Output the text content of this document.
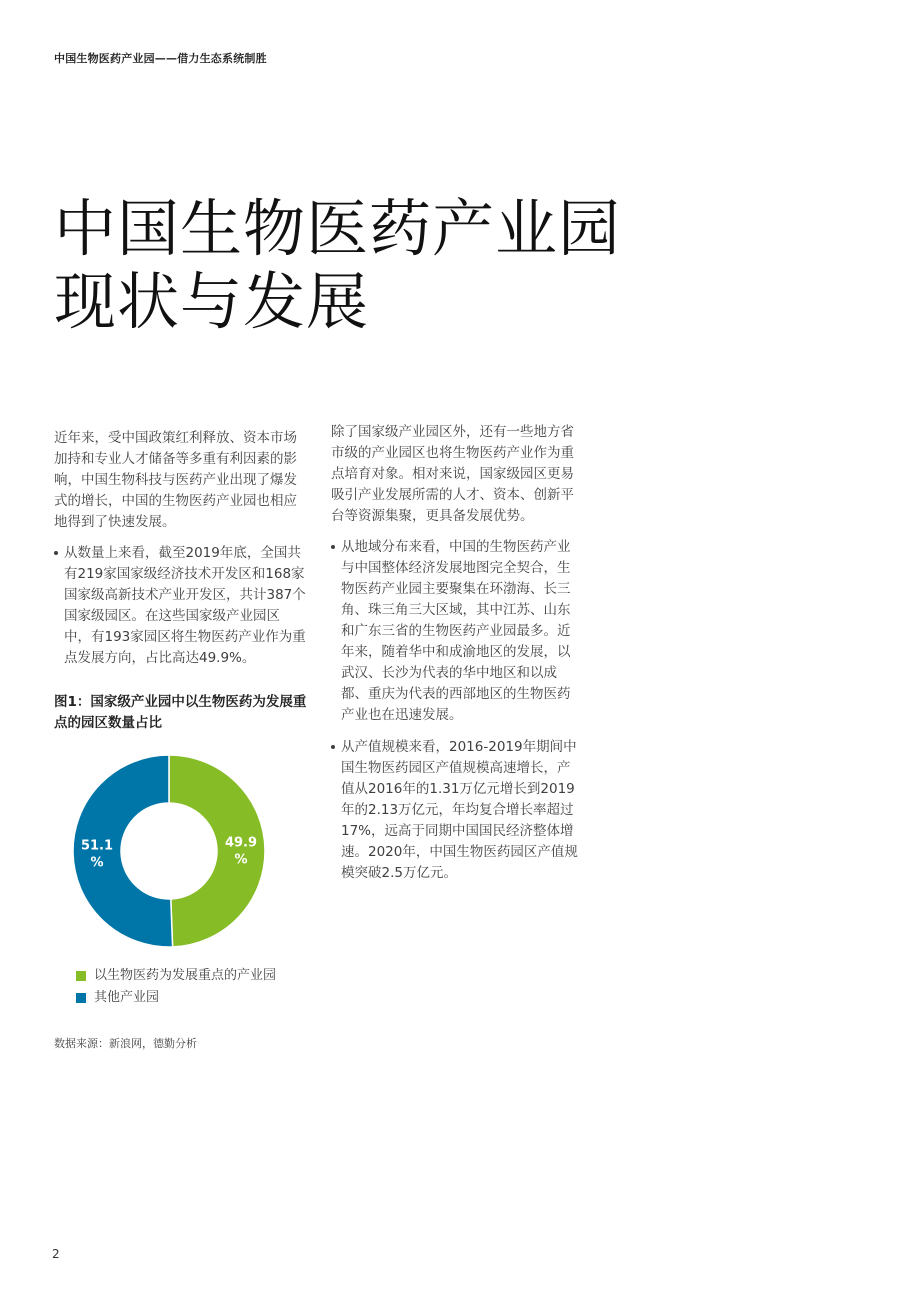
中国生物医药产业园——借力生态系统制胜
中国生物医药产业园
现状与发展

近年来，受中国政策红利释放、资本市场加持和专业人才储备等多重有利因素的影响，中国生物科技与医药产业出现了爆发式的增长，中国的生物医药产业园也相应地得到了快速发展。

从数量上来看，截至2019年底，全国共有219家国家级经济技术开发区和168家国家级高新技术产业开发区，共计387个国家级园区。在这些国家级产业园区中，有193家园区将生物医药产业作为重点发展方向，占比高达49.9%。

图1：国家级产业园中以生物医药为发展重点的园区数量占比
49.9 %
51.1 %
以生物医药为发展重点的产业园
其他产业园
数据来源：新浪网，德勤分析

除了国家级产业园区外，还有一些地方省市级的产业园区也将生物医药产业作为重点培育对象。相对来说，国家级园区更易吸引产业发展所需的人才、资本、创新平台等资源集聚，更具备发展优势。

从地域分布来看，中国的生物医药产业与中国整体经济发展地图完全契合，生物医药产业园主要聚集在环渤海、长三角、珠三角三大区域，其中江苏、山东和广东三省的生物医药产业园最多。近年来，随着华中和成渝地区的发展，以武汉、长沙为代表的华中地区和以成都、重庆为代表的西部地区的生物医药产业也在迅速发展。

从产值规模来看，2016-2019年期间中国生物医药园区产值规模高速增长，产值从2016年的1.31万亿元增长到2019年的2.13万亿元，年均复合增长率超过17%，远高于同期中国国民经济整体增速。2020年，中国生物医药园区产值规模突破2.5万亿元。

2
